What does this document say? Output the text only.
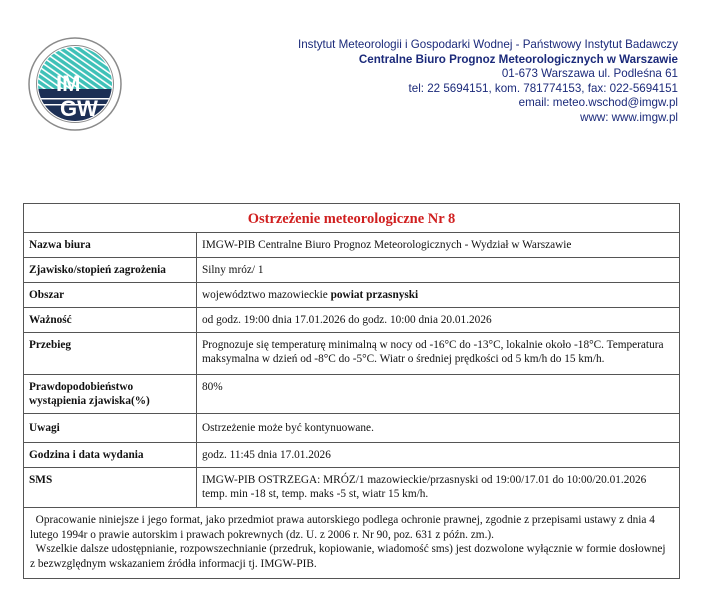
IM
GW
Instytut Meteorologii i Gospodarki Wodnej - Państwowy Instytut Badawczy
Centralne Biuro Prognoz Meteorologicznych w Warszawie
01-673 Warszawa ul. Podleśna 61
tel: 22 5694151, kom. 781774153, fax: 022-5694151
email: meteo.wschod@imgw.pl
www: www.imgw.pl
Ostrzeżenie meteorologiczne Nr 8	
Nazwa biura	IMGW-PIB Centralne Biuro Prognoz Meteorologicznych - Wydział w Warszawie
Zjawisko/stopień zagrożenia	Silny mróz/ 1
Obszar	województwo mazowieckie powiat przasnyski
Ważność	od godz. 19:00 dnia 17.01.2026 do godz. 10:00 dnia 20.01.2026
Przebieg	Prognozuje się temperaturę minimalną w nocy od -16°C do -13°C, lokalnie około -18°C. Temperatura maksymalna w dzień od -8°C do -5°C. Wiatr o średniej prędkości od 5 km/h do 15 km/h.
Prawdopodobieństwo wystąpienia zjawiska(%)	80%
Uwagi	Ostrzeżenie może być kontynuowane.
Godzina i data wydania	godz. 11:45 dnia 17.01.2026
SMS	IMGW-PIB OSTRZEGA: MRÓZ/1 mazowieckie/przasnyski od 19:00/17.01 do 10:00/20.01.2026 temp. min -18 st, temp. maks -5 st, wiatr 15 km/h.
Opracowanie niniejsze i jego format, jako przedmiot prawa autorskiego podlega ochronie prawnej, zgodnie z przepisami ustawy z dnia 4 lutego 1994r o prawie autorskim i prawach pokrewnych (dz. U. z 2006 r. Nr 90, poz. 631 z późn. zm.).
Wszelkie dalsze udostępnianie, rozpowszechnianie (przedruk, kopiowanie, wiadomość sms) jest dozwolone wyłącznie w formie dosłownej z bezwzględnym wskazaniem źródła informacji tj. IMGW-PIB.	
